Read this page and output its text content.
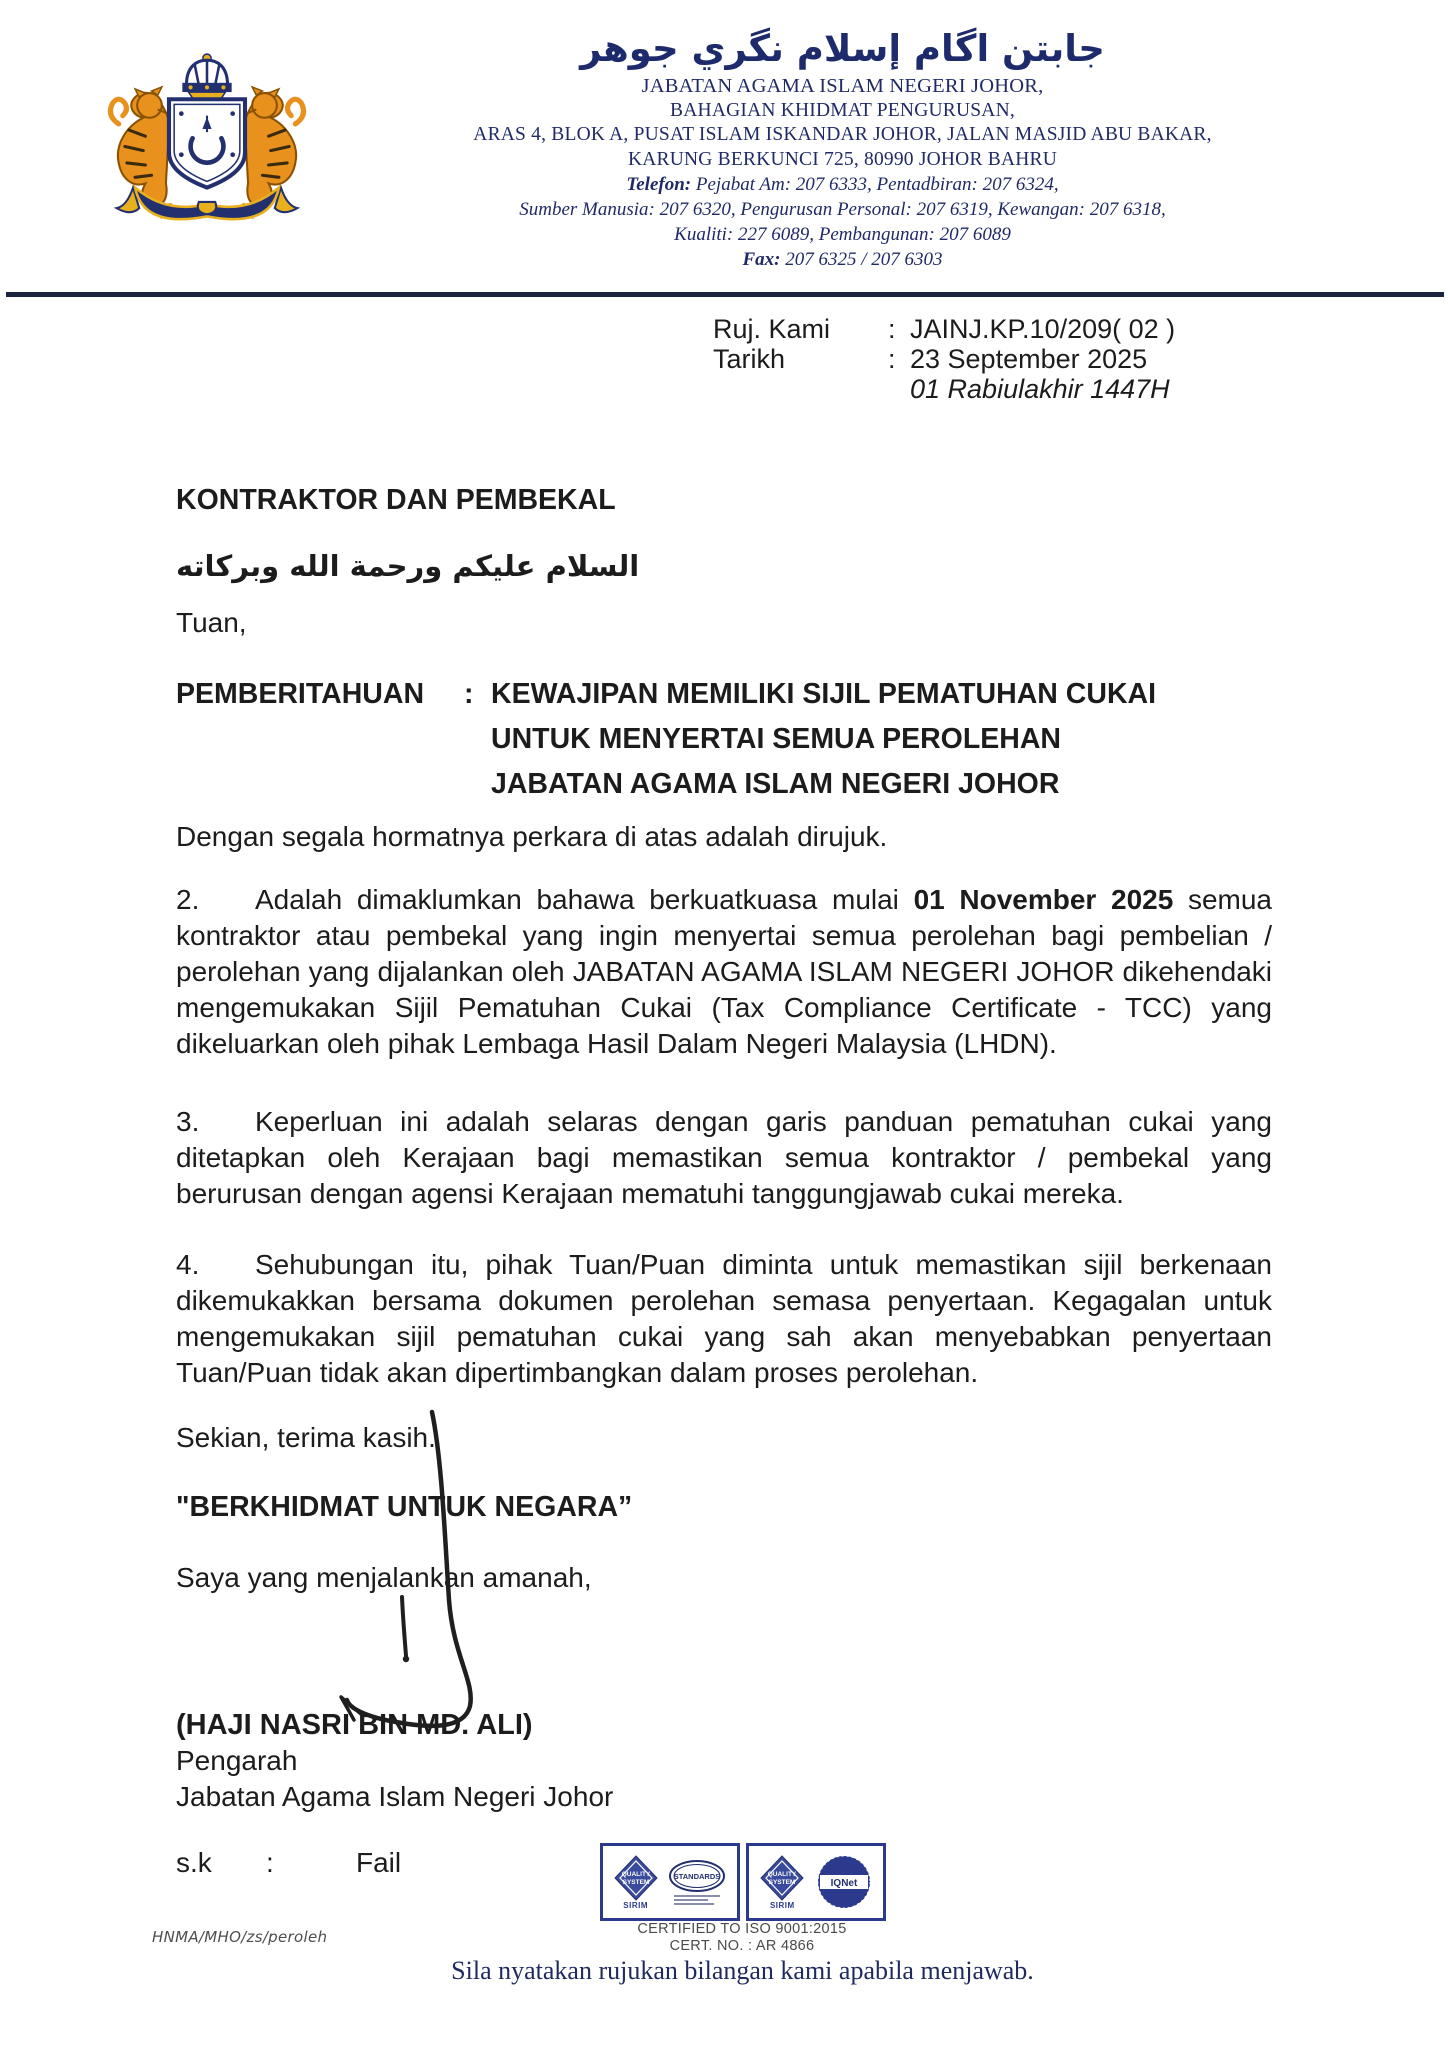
جابتن اگام إسلام نگري جوهر
JABATAN AGAMA ISLAM NEGERI JOHOR,
BAHAGIAN KHIDMAT PENGURUSAN,
ARAS 4, BLOK A, PUSAT ISLAM ISKANDAR JOHOR, JALAN MASJID ABU BAKAR,
KARUNG BERKUNCI 725, 80990 JOHOR BAHRU
Telefon: Pejabat Am: 207 6333, Pentadbiran: 207 6324,
Sumber Manusia: 207 6320, Pengurusan Personal: 207 6319, Kewangan: 207 6318,
Kualiti: 227 6089, Pembangunan: 207 6089
Fax: 207 6325 / 207 6303
Ruj. Kami	: JAINJ.KP.10/209( 02 )
Tarikh	: 23 September 2025
01 Rabiulakhir 1447H
KONTRAKTOR DAN PEMBEKAL
السلام عليكم ورحمة الله وبركاته
Tuan,
PEMBERITAHUAN	: KEWAJIPAN MEMILIKI SIJIL PEMATUHAN CUKAI
UNTUK MENYERTAI SEMUA PEROLEHAN
JABATAN AGAMA ISLAM NEGERI JOHOR
Dengan segala hormatnya perkara di atas adalah dirujuk.
2. Adalah dimaklumkan bahawa berkuatkuasa mulai 01 November 2025 semua kontraktor atau pembekal yang ingin menyertai semua perolehan bagi pembelian / perolehan yang dijalankan oleh JABATAN AGAMA ISLAM NEGERI JOHOR dikehendaki mengemukakan Sijil Pematuhan Cukai (Tax Compliance Certificate - TCC) yang dikeluarkan oleh pihak Lembaga Hasil Dalam Negeri Malaysia (LHDN).
3. Keperluan ini adalah selaras dengan garis panduan pematuhan cukai yang ditetapkan oleh Kerajaan bagi memastikan semua kontraktor / pembekal yang berurusan dengan agensi Kerajaan mematuhi tanggungjawab cukai mereka.
4. Sehubungan itu, pihak Tuan/Puan diminta untuk memastikan sijil berkenaan dikemukakkan bersama dokumen perolehan semasa penyertaan. Kegagalan untuk mengemukakan sijil pematuhan cukai yang sah akan menyebabkan penyertaan Tuan/Puan tidak akan dipertimbangkan dalam proses perolehan.
Sekian, terima kasih.
"BERKHIDMAT UNTUK NEGARA”
Saya yang menjalankan amanah,
(HAJI NASRI BIN MD. ALI)
Pengarah
Jabatan Agama Islam Negeri Johor
s.k :	Fail	QUALITY
SYSTEM
SIRIM
STANDARDS	QUALITY
SYSTEM
SIRIM
IQNet
HNMA/MHO/zs/peroleh	CERTIFIED TO ISO 9001:2015
CERT. NO. : AR 4866
Sila nyatakan rujukan bilangan kami apabila menjawab.
